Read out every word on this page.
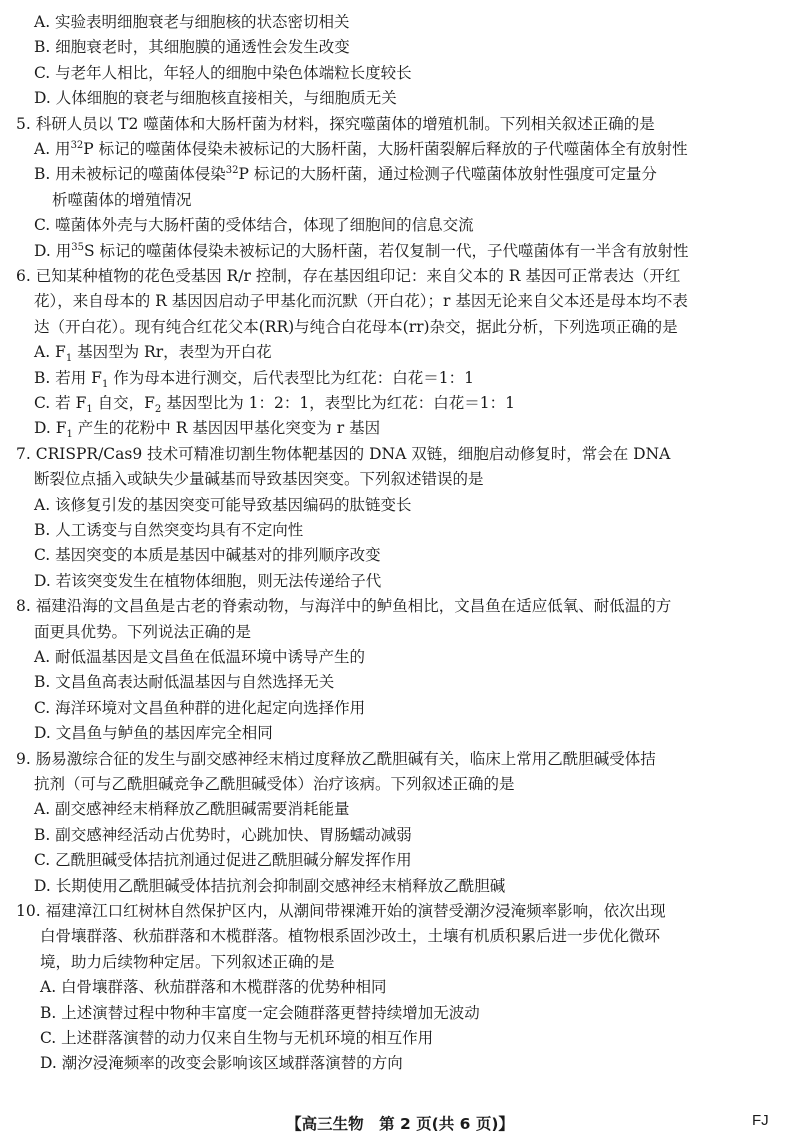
A. 实验表明细胞衰老与细胞核的状态密切相关
B. 细胞衰老时，其细胞膜的通透性会发生改变
C. 与老年人相比，年轻人的细胞中染色体端粒长度较长
D. 人体细胞的衰老与细胞核直接相关，与细胞质无关
5. 科研人员以 T2 噬菌体和大肠杆菌为材料，探究噬菌体的增殖机制。下列相关叙述正确的是
A. 用$^{32}$P 标记的噬菌体侵染未被标记的大肠杆菌，大肠杆菌裂解后释放的子代噬菌体全有放射性
B. 用未被标记的噬菌体侵染$^{32}$P 标记的大肠杆菌，通过检测子代噬菌体放射性强度可定量分
析噬菌体的增殖情况
C. 噬菌体外壳与大肠杆菌的受体结合，体现了细胞间的信息交流
D. 用$^{35}$S 标记的噬菌体侵染未被标记的大肠杆菌，若仅复制一代，子代噬菌体有一半含有放射性
6. 已知某种植物的花色受基因 R/r 控制，存在基因组印记：来自父本的 R 基因可正常表达（开红
花），来自母本的 R 基因因启动子甲基化而沉默（开白花）；r 基因无论来自父本还是母本均不表
达（开白花）。现有纯合红花父本(RR)与纯合白花母本(rr)杂交，据此分析，下列选项正确的是
A. $F_1$ 基因型为 Rr，表型为开白花
B. 若用 $F_1$ 作为母本进行测交，后代表型比为红花：白花＝1：1
C. 若 $F_1$ 自交，$F_2$ 基因型比为 1：2：1，表型比为红花：白花＝1：1
D. $F_1$ 产生的花粉中 R 基因因甲基化突变为 r 基因
7. CRISPR/Cas9 技术可精准切割生物体靶基因的 DNA 双链，细胞启动修复时，常会在 DNA
断裂位点插入或缺失少量碱基而导致基因突变。下列叙述错误的是
A. 该修复引发的基因突变可能导致基因编码的肽链变长
B. 人工诱变与自然突变均具有不定向性
C. 基因突变的本质是基因中碱基对的排列顺序改变
D. 若该突变发生在植物体细胞，则无法传递给子代
8. 福建沿海的文昌鱼是古老的脊索动物，与海洋中的鲈鱼相比，文昌鱼在适应低氧、耐低温的方
面更具优势。下列说法正确的是
A. 耐低温基因是文昌鱼在低温环境中诱导产生的
B. 文昌鱼高表达耐低温基因与自然选择无关
C. 海洋环境对文昌鱼种群的进化起定向选择作用
D. 文昌鱼与鲈鱼的基因库完全相同
9. 肠易激综合征的发生与副交感神经末梢过度释放乙酰胆碱有关，临床上常用乙酰胆碱受体拮
抗剂（可与乙酰胆碱竞争乙酰胆碱受体）治疗该病。下列叙述正确的是
A. 副交感神经末梢释放乙酰胆碱需要消耗能量
B. 副交感神经活动占优势时，心跳加快、胃肠蠕动减弱
C. 乙酰胆碱受体拮抗剂通过促进乙酰胆碱分解发挥作用
D. 长期使用乙酰胆碱受体拮抗剂会抑制副交感神经末梢释放乙酰胆碱
10. 福建漳江口红树林自然保护区内，从潮间带裸滩开始的演替受潮汐浸淹频率影响，依次出现
白骨壤群落、秋茄群落和木榄群落。植物根系固沙改土，土壤有机质积累后进一步优化微环
境，助力后续物种定居。下列叙述正确的是
A. 白骨壤群落、秋茄群落和木榄群落的优势种相同
B. 上述演替过程中物种丰富度一定会随群落更替持续增加无波动
C. 上述群落演替的动力仅来自生物与无机环境的相互作用
D. 潮汐浸淹频率的改变会影响该区域群落演替的方向
【高三生物　第 2 页(共 6 页)】	FJ
